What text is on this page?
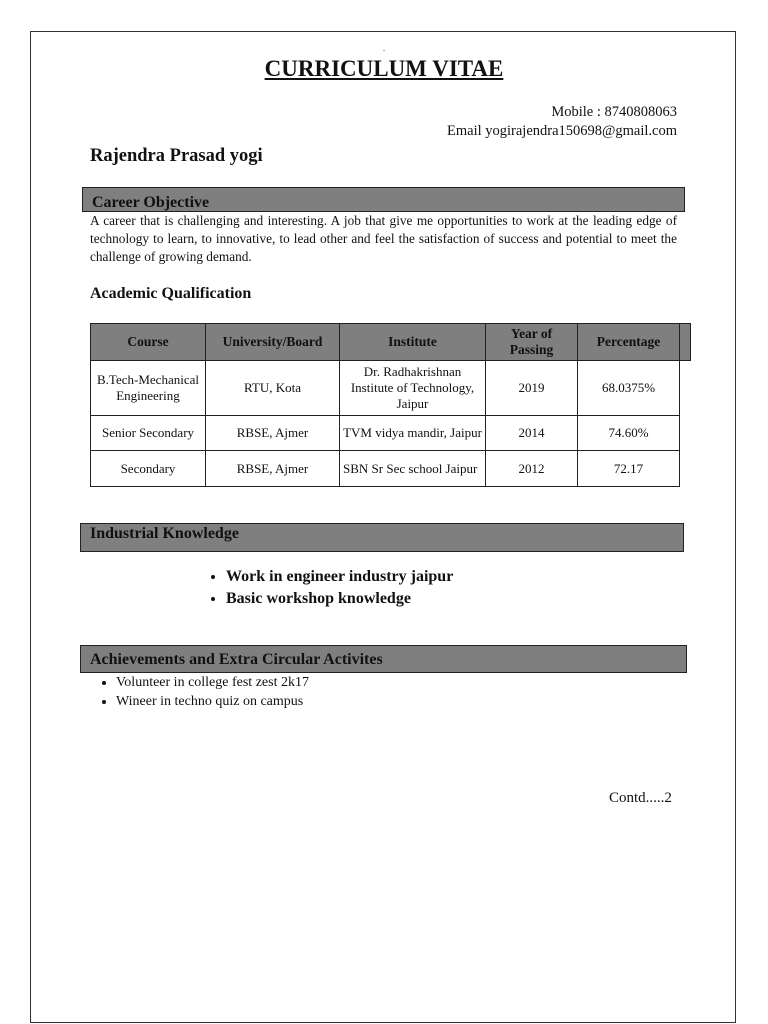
.
CURRICULUM VITAE
Mobile : 8740808063
Email yogirajendra150698@gmail.com
Rajendra Prasad yogi
Career Objective
A career that is challenging and interesting. A job that give me opportunities to work at the leading edge of technology to learn, to innovative, to lead other and feel the satisfaction of success and potential to meet the challenge of growing demand.
Academic Qualification
Course	University/Board	Institute	Year of Passing	Percentage	
B.Tech-Mechanical Engineering	RTU, Kota	Dr. Radhakrishnan Institute of Technology, Jaipur	2019	68.0375%	
Senior Secondary	RBSE, Ajmer	TVM vidya mandir, Jaipur	2014	74.60%	
Secondary	RBSE, Ajmer	SBN Sr Sec school Jaipur	2012	72.17	
Industrial Knowledge
• Work in engineer industry jaipur
• Basic workshop knowledge
Achievements and Extra Circular Activites
• Volunteer in college fest zest 2k17
• Wineer in techno quiz on campus
Contd.....2
